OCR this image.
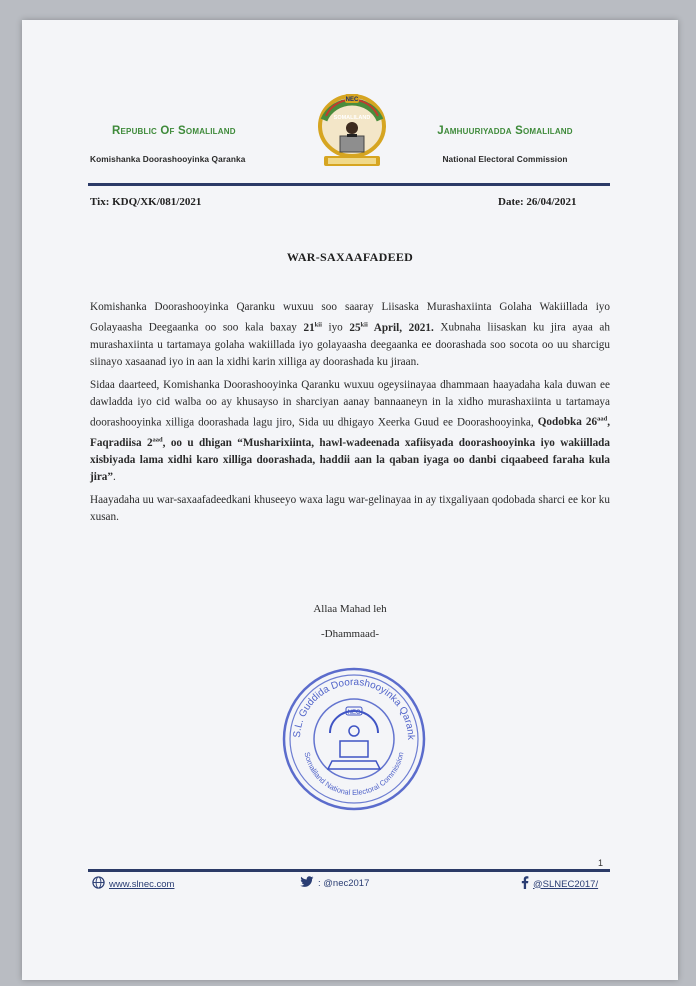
Republic Of Somaliland
Komishanka Doorashooyinka Qaranka
SOMALILAND
NEC
Jamhuuriyadda Somaliland
National Electoral Commission
Tix: KDQ/XK/081/2021	Date: 26/04/2021
WAR-SAXAAFADEED

Komishanka Doorashooyinka Qaranku wuxuu soo saaray Liisaska Murashaxiinta Golaha Wakiillada iyo Golayaasha Deegaanka oo soo kala baxay $21^{kii}$ iyo $25^{kii}$ April, 2021. Xubnaha liisaskan ku jira ayaa ah murashaxiinta u tartamaya golaha wakiillada iyo golayaasha deegaanka ee doorashada soo socota oo uu sharcigu siinayo xasaanad iyo in aan la xidhi karin xilliga ay doorashada ku jiraan.

Sidaa daarteed, Komishanka Doorashooyinka Qaranku wuxuu ogeysiinayaa dhammaan haayadaha kala duwan ee dawladda iyo cid walba oo ay khusayso in sharciyan aanay bannaaneyn in la xidho murashaxiinta u tartamaya doorashooyinka xilliga doorashada lagu jiro, Sida uu dhigayo Xeerka Guud ee Doorashooyinka, Qodobka $26^{aad}$, Faqradiisa $2^{aad}$, oo u dhigan “Musharixiinta, hawl-wadeenada xafiisyada doorashooyinka iyo wakiillada xisbiyada lama xidhi karo xilliga doorashada, haddii aan la qaban iyaga oo danbi ciqaabeed faraha kula jira”.

Haayadaha uu war-saxaafadeedkani khuseeyo waxa lagu war-gelinayaa in ay tixgaliyaan qodobada sharci ee kor ku xusan.

Allaa Mahad leh
-Dhammaad-
S.L. Guddida Doorashooyinka Qarank
Somaliland National Electoral Commission
NEC
1
www.slnec.com	: @nec2017	@SLNEC2017/
